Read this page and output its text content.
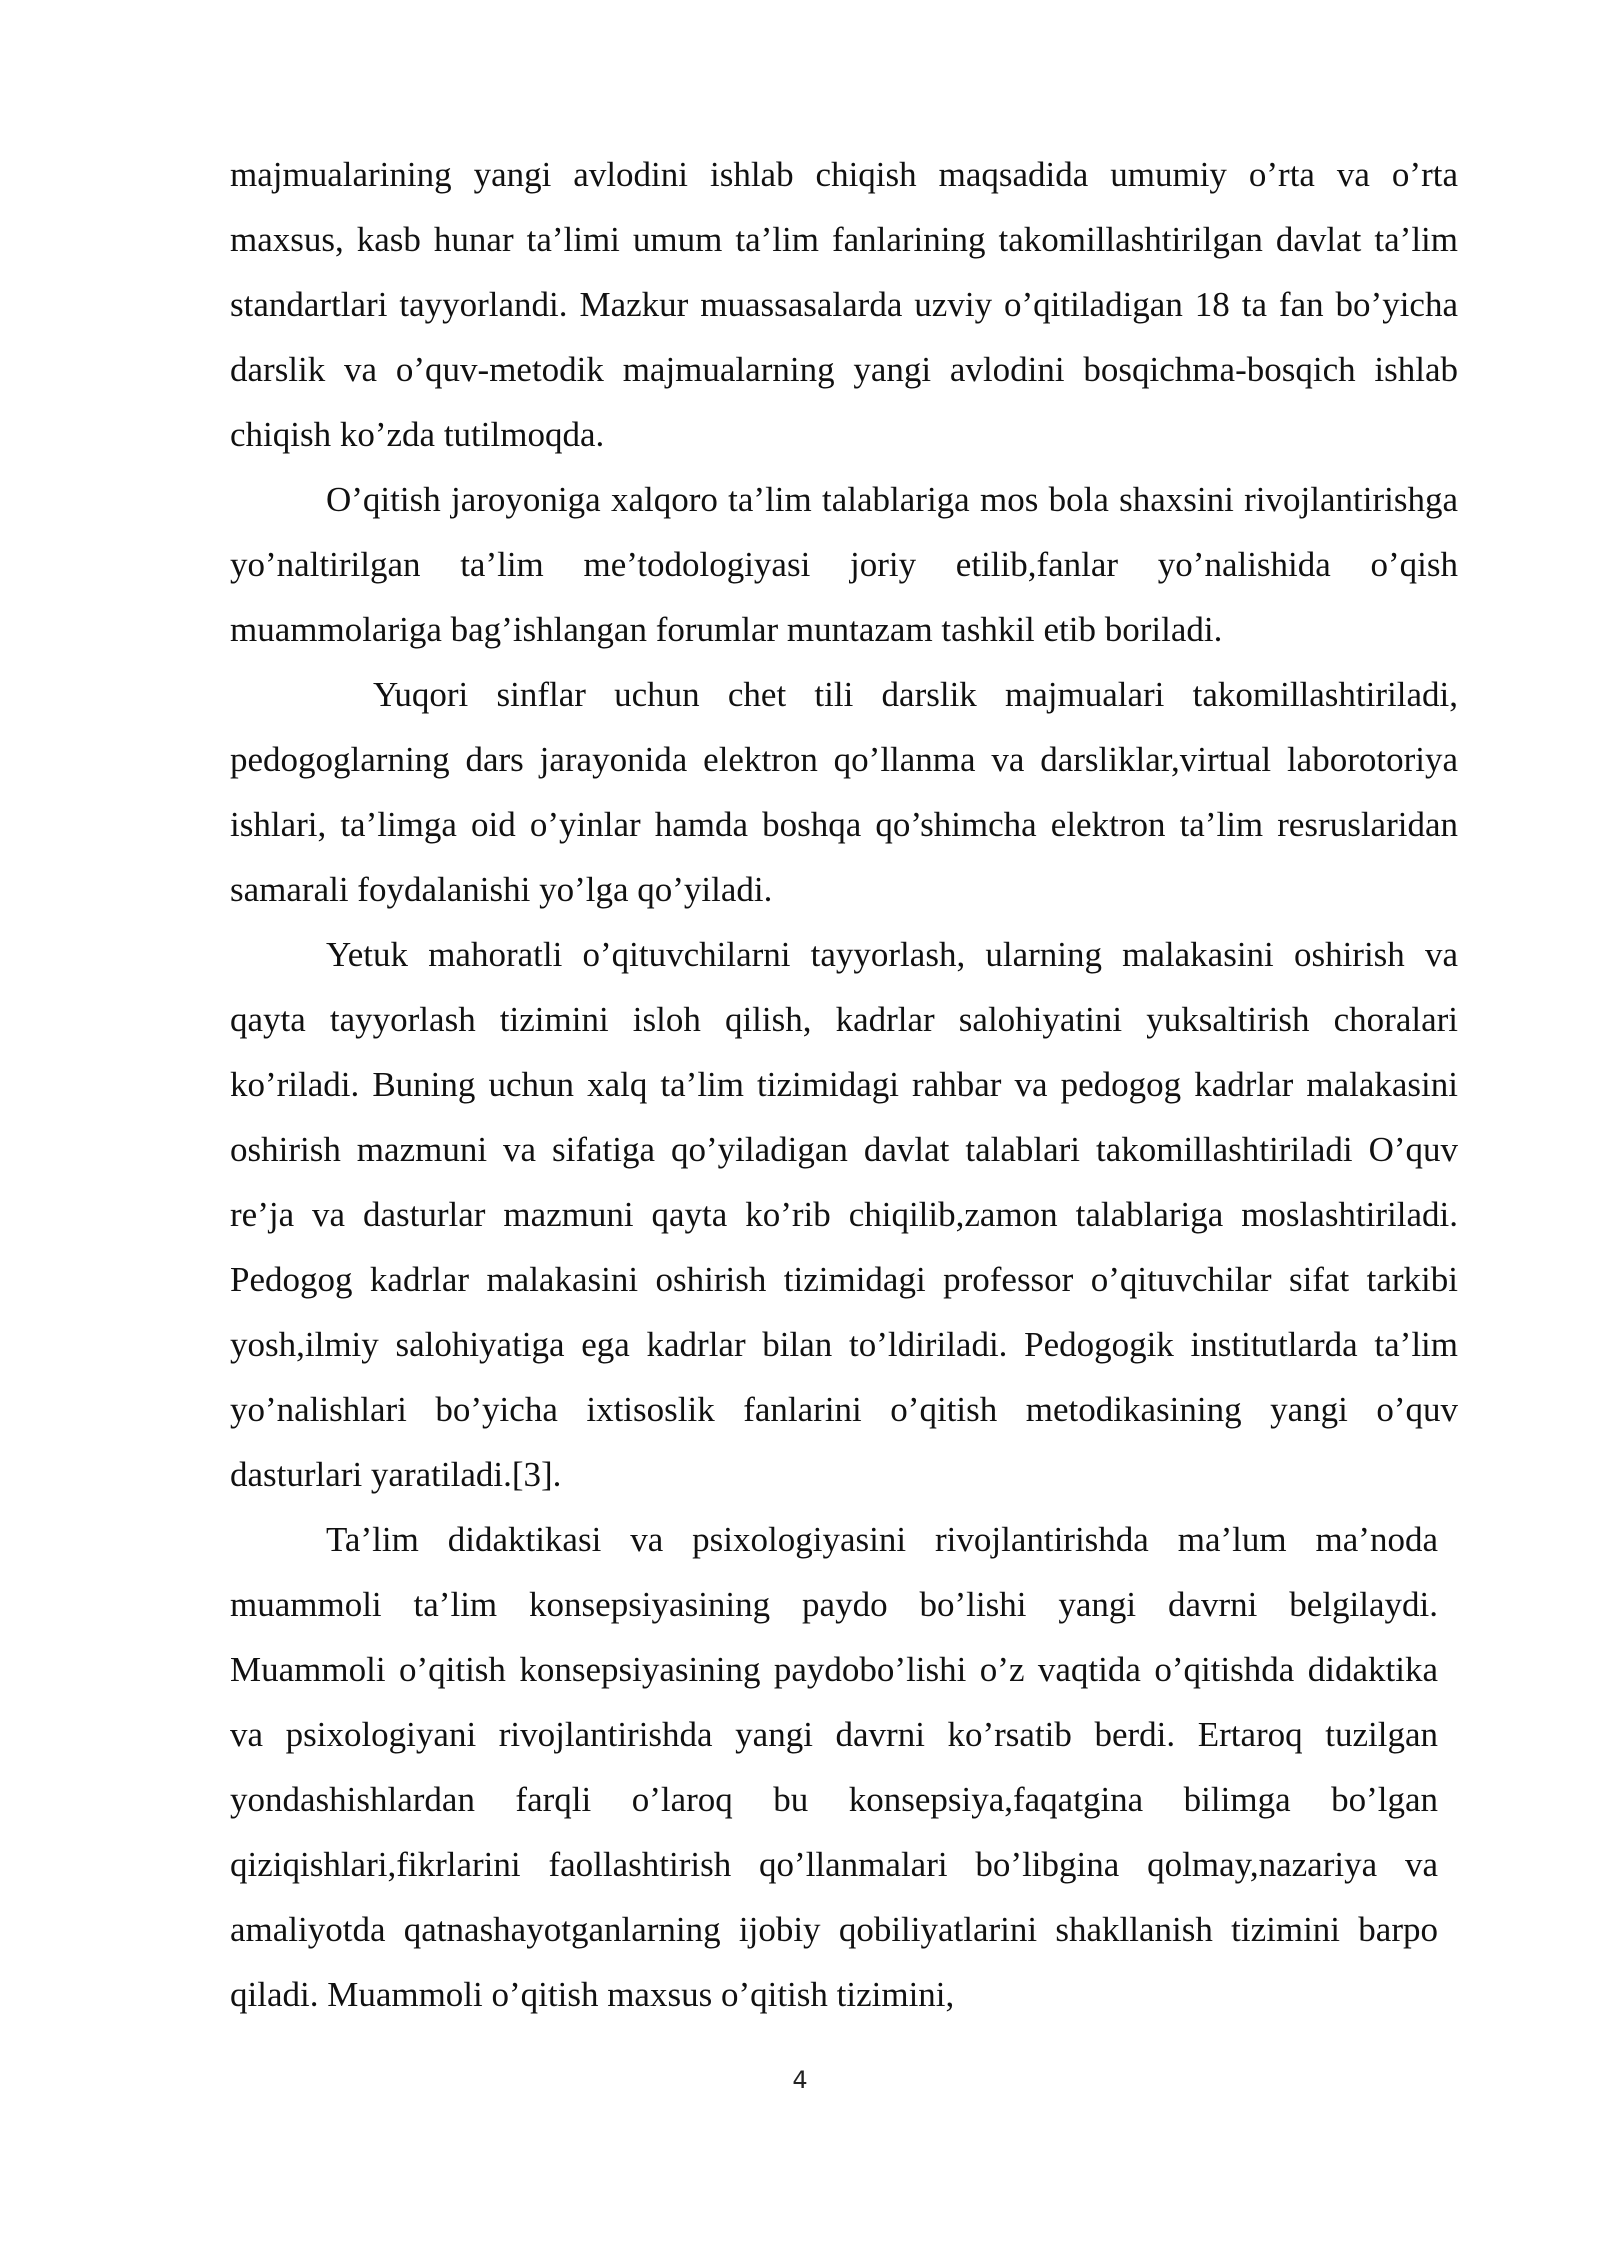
majmualarining yangi avlodini ishlab chiqish maqsadida umumiy o’rta va o’rta maxsus, kasb hunar ta’limi umum ta’lim fanlarining takomillashtirilgan davlat ta’lim standartlari tayyorlandi. Mazkur muassasalarda uzviy o’qitiladigan 18 ta fan bo’yicha darslik va o’quv-metodik majmualarning yangi avlodini bosqichma-bosqich ishlab chiqish ko’zda tutilmoqda.

O’qitish jaroyoniga xalqoro ta’lim talablariga mos bola shaxsini rivojlantirishga yo’naltirilgan ta’lim me’todologiyasi joriy etilib,fanlar yo’nalishida o’qish muammolariga bag’ishlangan forumlar muntazam tashkil etib boriladi.

Yuqori sinflar uchun chet tili darslik majmualari takomillashtiriladi, pedogoglarning dars jarayonida elektron qo’llanma va darsliklar,virtual laborotoriya ishlari, ta’limga oid o’yinlar hamda boshqa qo’shimcha elektron ta’lim resruslaridan samarali foydalanishi yo’lga qo’yiladi.

Yetuk mahoratli o’qituvchilarni tayyorlash, ularning malakasini oshirish va qayta tayyorlash tizimini isloh qilish, kadrlar salohiyatini yuksaltirish choralari ko’riladi. Buning uchun xalq ta’lim tizimidagi rahbar va pedogog kadrlar malakasini oshirish mazmuni va sifatiga qo’yiladigan davlat talablari takomillashtiriladi O’quv re’ja va dasturlar mazmuni qayta ko’rib chiqilib,zamon talablariga moslashtiriladi. Pedogog kadrlar malakasini oshirish tizimidagi professor o’qituvchilar sifat tarkibi yosh,ilmiy salohiyatiga ega kadrlar bilan to’ldiriladi. Pedogogik institutlarda ta’lim yo’nalishlari bo’yicha ixtisoslik fanlarini o’qitish metodikasining yangi o’quv dasturlari yaratiladi.[3].

Ta’lim didaktikasi va psixologiyasini rivojlantirishda ma’lum ma’noda muammoli ta’lim konsepsiyasining paydo bo’lishi yangi davrni belgilaydi. Muammoli o’qitish konsepsiyasining paydobo’lishi o’z vaqtida o’qitishda didaktika va psixologiyani rivojlantirishda yangi davrni ko’rsatib berdi. Ertaroq tuzilgan yondashishlardan farqli o’laroq bu konsepsiya,faqatgina bilimga bo’lgan qiziqishlari,fikrlarini faollashtirish qo’llanmalari bo’libgina qolmay,nazariya va amaliyotda qatnashayotganlarning ijobiy qobiliyatlarini shakllanish tizimini barpo qiladi. Muammoli o’qitish maxsus o’qitish tizimini,

4
